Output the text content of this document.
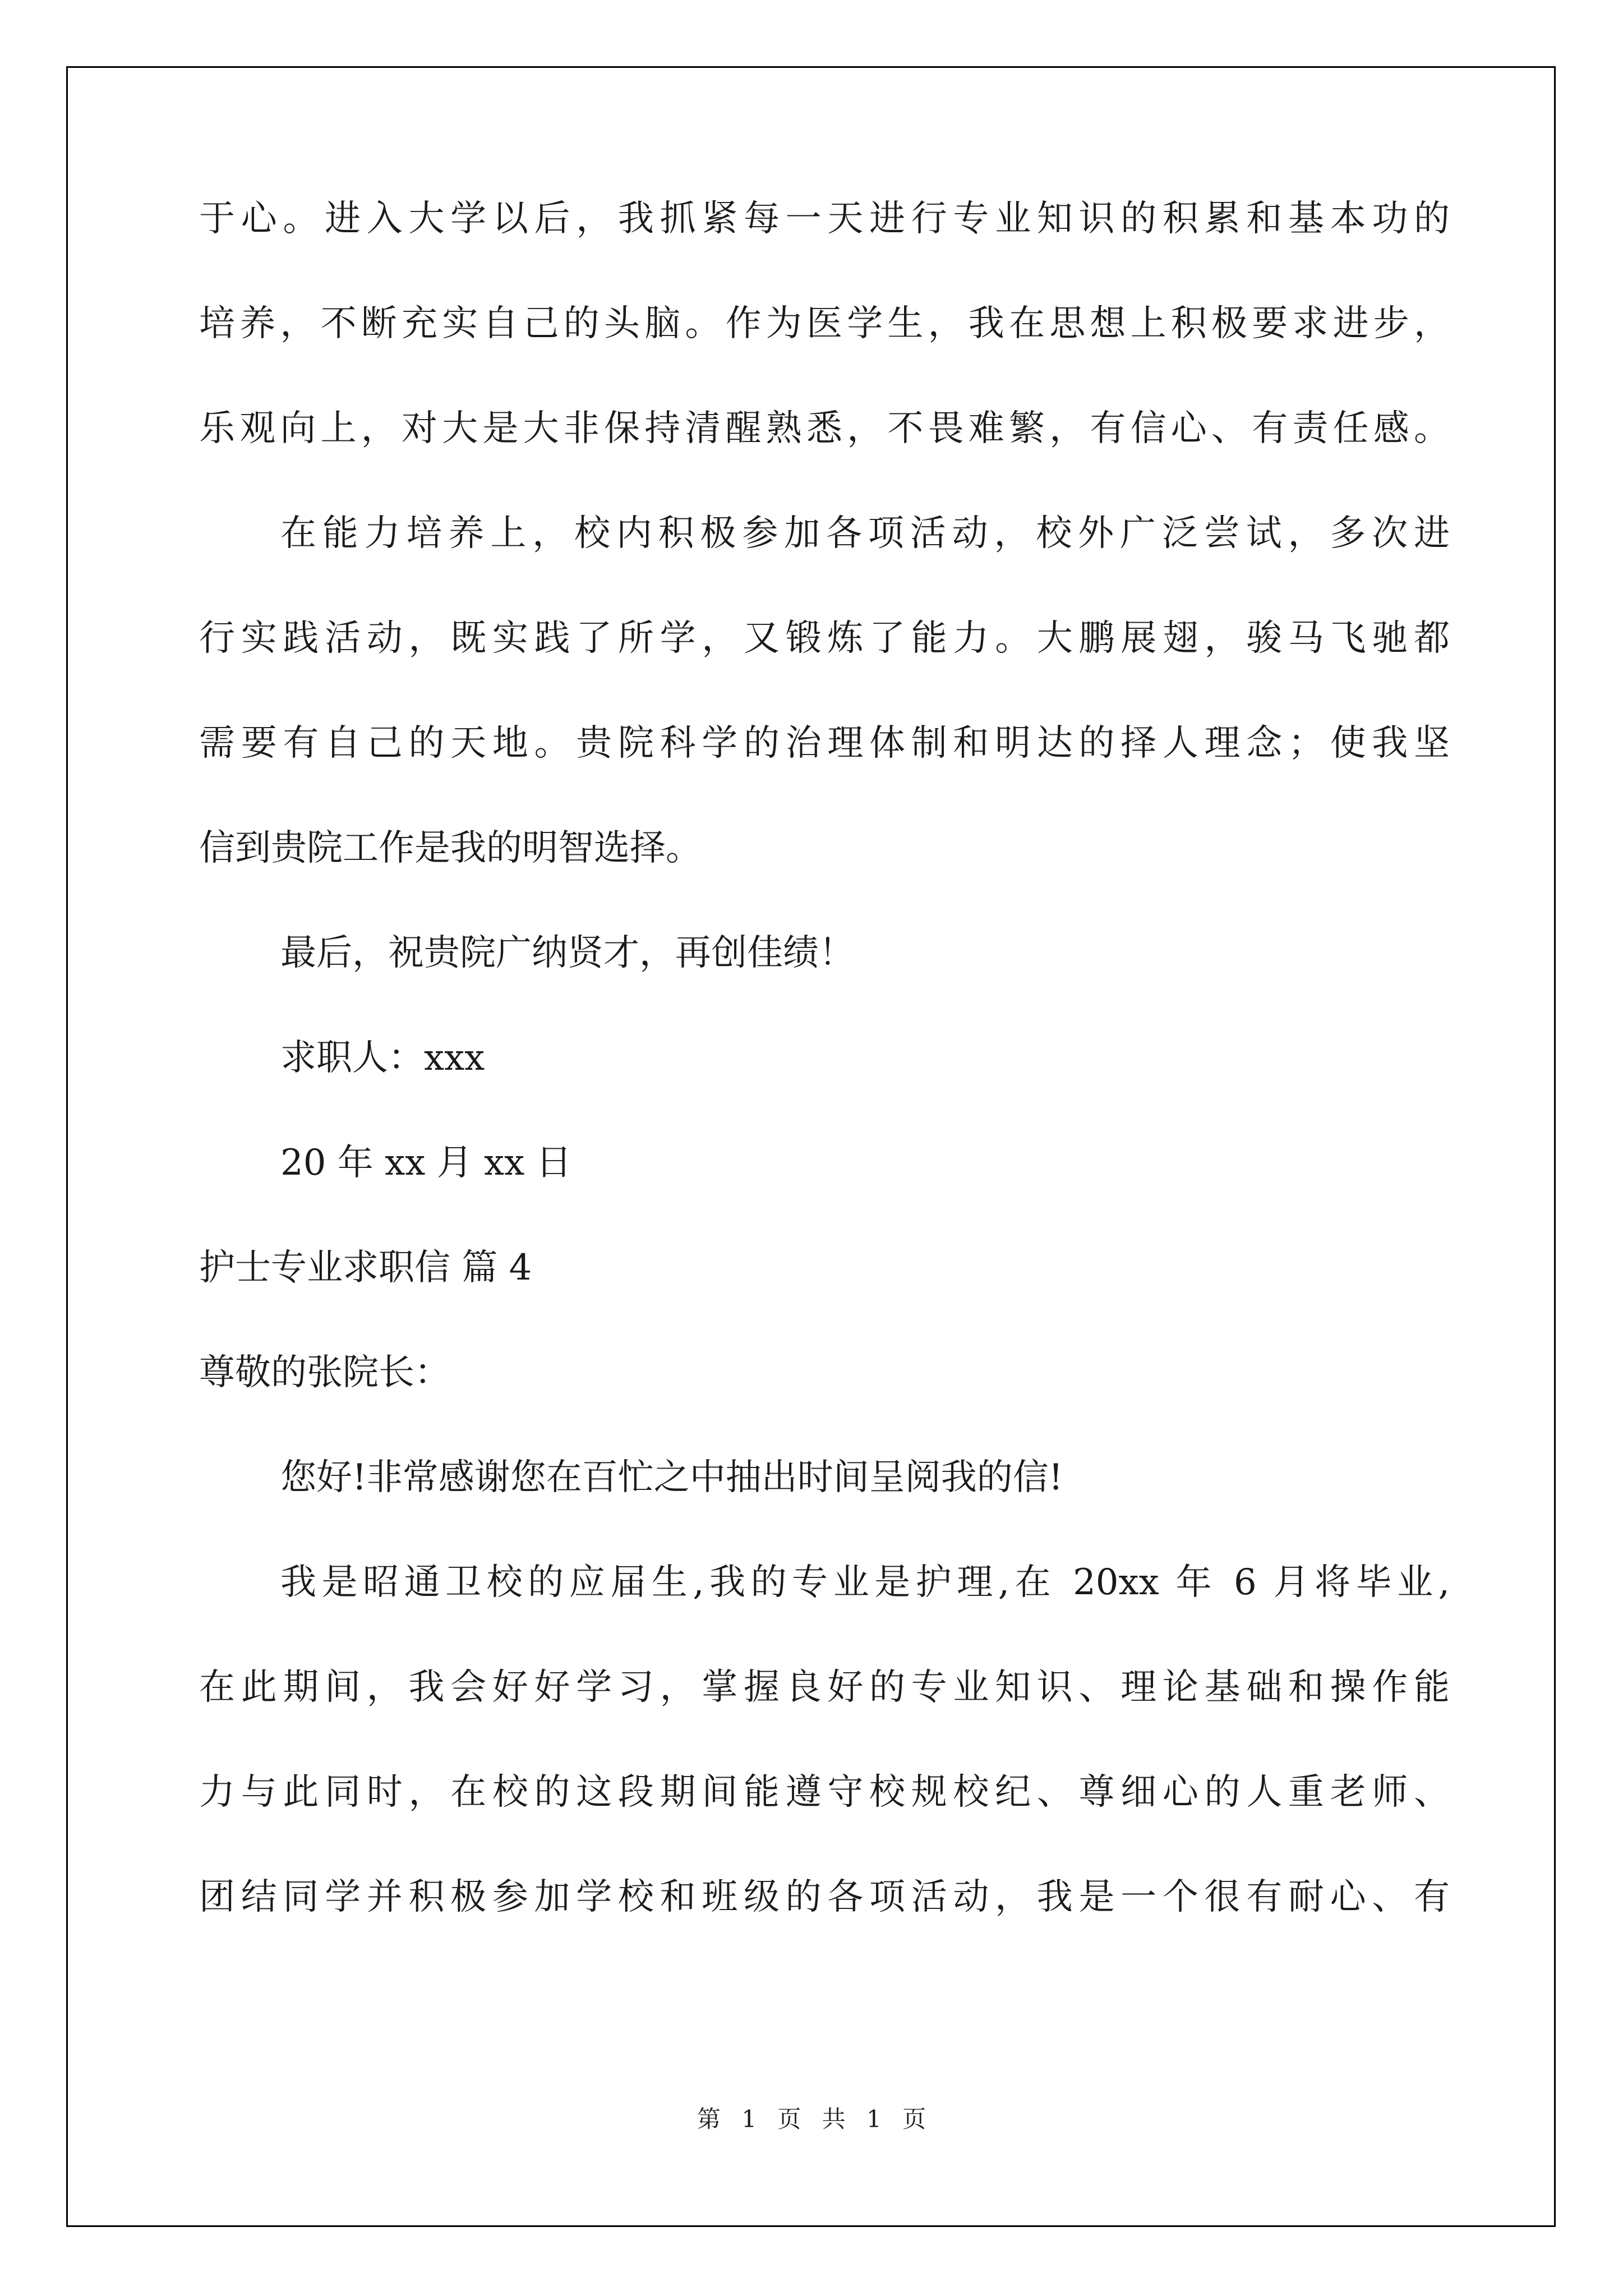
于心。进入大学以后，我抓紧每一天进行专业知识的积累和基本功的
培养，不断充实自己的头脑。作为医学生，我在思想上积极要求进步，
乐观向上，对大是大非保持清醒熟悉，不畏难繁，有信心、有责任感。
在能力培养上，校内积极参加各项活动，校外广泛尝试，多次进
行实践活动，既实践了所学，又锻炼了能力。大鹏展翅，骏马飞驰都
需要有自己的天地。贵院科学的治理体制和明达的择人理念；使我坚
信到贵院工作是我的明智选择。
最后，祝贵院广纳贤才，再创佳绩！
求职人：xxx
20 年 xx 月 xx 日
护士专业求职信 篇 4
尊敬的张院长：
您好!非常感谢您在百忙之中抽出时间呈阅我的信!
我是昭通卫校的应届生,我的专业是护理,在 20xx 年 6 月将毕业,
在此期间，我会好好学习，掌握良好的专业知识、理论基础和操作能
力与此同时，在校的这段期间能遵守校规校纪、尊细心的人重老师、
团结同学并积极参加学校和班级的各项活动，我是一个很有耐心、有
第 1 页 共 1 页
